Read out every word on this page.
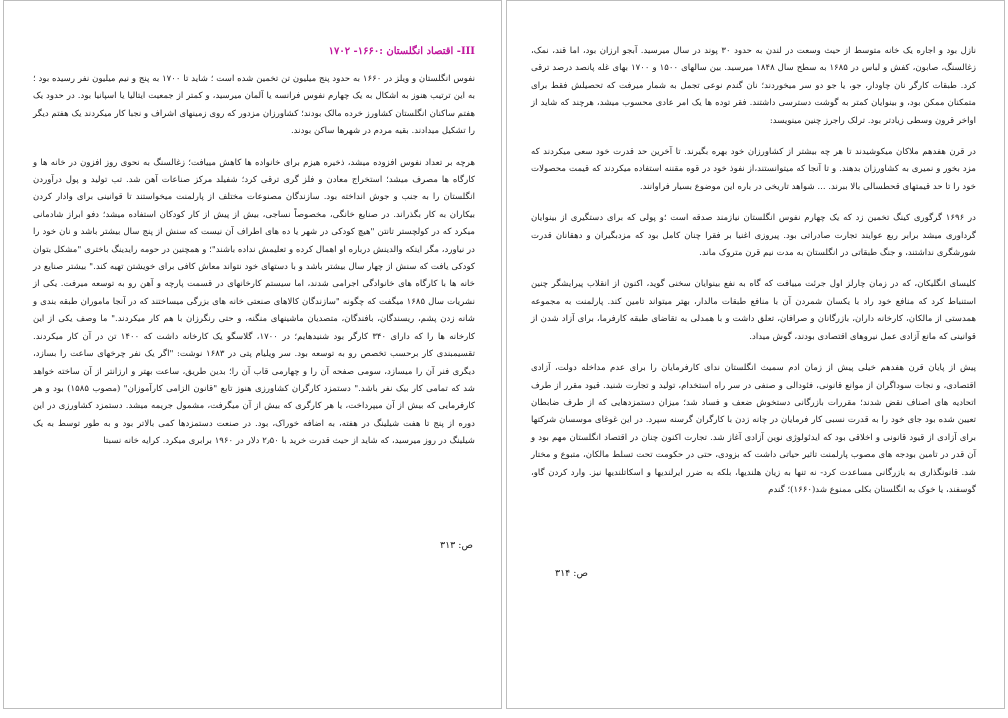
III- اقتصاد انگلستان :۱۶۶۰- ۱۷۰۲

نفوس انگلستان و ویلز در ۱۶۶۰ به حدود پنج میلیون تن تخمین شده است ؛ شاید تا ۱۷۰۰ به پنج و نیم میلیون نفر رسیده بود ؛ به این ترتیب هنوز به اشکال به یک چهارم نفوس فرانسه یا آلمان میرسید، و کمتر از جمعیت ایتالیا یا اسپانیا بود. در حدود یک هفتم ساکنان انگلستان کشاورز خرده مالک بودند؛ کشاورزان مزدور که روی زمینهای اشراف و نجبا کار میکردند یک هفتم دیگر را تشکیل میدادند. بقیه مردم در شهرها ساکن بودند.

هرچه بر تعداد نفوس افزوده میشد، ذخیره هیزم برای خانواده ها کاهش مییافت؛ زغالسنگ به نحوی روز افزون در خانه ها و کارگاه ها مصرف میشد؛ استخراج معادن و فلز گری ترقی کرد؛ شفیلد مرکز صناعات آهن شد. تب تولید و پول درآوردن انگلستان را به جنب و جوش انداخته بود. سازندگان مصنوعات مختلف از پارلمنت میخواستند تا قوانینی برای وادار کردن بیکاران به کار بگذراند. در صنایع خانگی، مخصوصاً نساجی، بیش از پیش از کار کودکان استفاده میشد؛ دفو ابراز شادمانی میکرد که در کولچستر تانتن "هیچ کودکی در شهر یا ده های اطراف آن نیست که سنش از پنج سال بیشتر باشد و نان خود را در نیاورد، مگر اینکه والدینش درباره او اهمال کرده و تعلیمش نداده باشند"؛ و همچنین در حومه رایدینگ باختری "مشکل بتوان کودکی یافت که سنش از چهار سال بیشتر باشد و با دستهای خود نتواند معاش کافی برای خویشتن تهیه کند." بیشتر صنایع در خانه ها با کارگاه های خانوادگی اجرامی شدند، اما سیستم کارخانهای در قسمت پارچه و آهن رو به توسعه میرفت. یکی از نشریات سال ۱۶۸۵ میگفت که چگونه "سازندگان کالاهای صنعتی خانه های بزرگی میساختند که در آنجا ماموران طبقه بندی و شانه زدن پشم، ریسندگان، بافندگان، متصدیان ماشینهای منگنه، و حتی رنگرزان با هم کار میکردند." ما وصف یکی از این کارخانه ها را که دارای ۳۴۰ کارگر بود شنیدهایم؛ در ۱۷۰۰، گلاسگو یک کارخانه داشت که ۱۴۰۰ تن در آن کار میکردند. تقسیمبندی کار برحسب تخصص رو به توسعه بود. سر ویلیام پتی در ۱۶۸۳ نوشت: "اگر یک نفر چرخهای ساعت را بسازد، دیگری فنر آن را میسازد، سومی صفحه آن را و چهارمی قاب آن را؛ بدین طریق، ساعت بهتر و ارزانتر از آن ساخته خواهد شد که تمامی کار بیک نفر باشد." دستمزد کارگران کشاورزی هنوز تابع "قانون الزامی کارآموزان" (مصوب ۱۵۸۵) بود و هر کارفرمایی که بیش از آن میپرداخت، یا هر کارگری که بیش از آن میگرفت، مشمول جریمه میشد. دستمزد کشاورزی در این دوره از پنج تا هفت شیلینگ در هفته، به اضافه خوراک، بود. در صنعت دستمزدها کمی بالاتر بود و به طور توسط به یک شیلینگ در روز میرسید، که شاید از حیث قدرت خرید با ۲٫۵۰ دلار در ۱۹۶۰ برابری میکرد. کرایه خانه نسبتا

ص: ۳۱۳

نازل بود و اجاره یک خانه متوسط از حیث وسعت در لندن به حدود ۳۰ پوند در سال میرسید. آبجو ارزان بود، اما قند، نمک، زغالسنگ، صابون، کفش و لباس در ۱۶۸۵ به سطح سال ۱۸۴۸ میرسید. بین سالهای ۱۵۰۰ و ۱۷۰۰ بهای غله پانصد درصد ترقی کرد. طبقات کارگر نان چاودار، جو، یا جو دو سر میخوردند؛ نان گندم نوعی تجمل به شمار میرفت که تحصیلش فقط برای متمکنان ممکن بود، و بینوایان کمتر به گوشت دسترسی داشتند. فقر توده ها یک امر عادی محسوب میشد، هرچند که شاید از اواخر قرون وسطی زیادتر بود. ترلک راجرز چنین مینویسد:

در قرن هفدهم ملاکان میکوشیدند تا هر چه بیشتر از کشاورزان خود بهره بگیرند. تا آخرین حد قدرت خود سعی میکردند که مزد بخور و نمیری به کشاورزان بدهند. و تا آنجا که میتوانستند،از نفوذ خود در قوه مقننه استفاده میکردند که قیمت محصولات خود را تا حد قیمتهای قحطسالی بالا ببرند. ... شواهد تاریخی در باره این موضوع بسیار فراوانند.

در ۱۶۹۶ گرگوری کینگ تخمین زد که یک چهارم نفوس انگلستان نیازمند صدقه است ؛و پولی که برای دستگیری از بینوایان گرداوری میشد برابر ربع عوایند تجارت صادراتی بود. پیروزی اغنیا بر فقرا چنان کامل بود که مزدبگیران و دهقانان قدرت شورشگری نداشتند، و جنگ طبقاتی در انگلستان به مدت نیم قرن متروک ماند.

کلیسای انگلیکان، که در زمان چارلز اول جرئت مییافت که گاه به نفع بینوایان سخنی گوید، اکنون از انقلاب پیرایشگر چنین استنباط کرد که منافع خود راد با یکسان شمردن آن با منافع طبقات مالدار، بهتر میتواند تامین کند. پارلمنت به مجموعه همدستی از مالکان، کارخانه داران، بازرگانان و صرافان، تعلق داشت و با همدلی به تقاضای طبقه کارفرما، برای آزاد شدن از قوانینی که مانع آزادی عمل نیروهای اقتصادی بودند، گوش میداد.

پیش از پایان قرن هفدهم خیلی پیش از زمان ادم سمیث انگلستان ندای کارفرمایان را برای عدم مداخله دولت، آزادی اقتصادی، و نجات سوداگران از موانع قانونی، فئودالی و صنفی در سر راه استخدام، تولید و تجارت شنید. قیود مقرر از طرف اتحادیه های اصناف نقض شدند؛ مقررات بازرگانی دستخوش ضعف و فساد شد؛ میزان دستمزدهایی که از طرف ضابطان تعیین شده بود جای خود را به قدرت نسبی کار فرمایان در چانه زدن با کارگران گرسنه سپرد. در این غوغای موسسان شرکتها برای آزادی از قیود قانونی و اخلاقی بود که ایدئولوژی نوین آزادی آغاز شد. تجارت اکنون چنان در اقتصاد انگلستان مهم بود و آن قدر در تامین بودجه های مصوب پارلمنت تاثیر حیاتی داشت که بزودی، حتی در حکومت تحت تسلط مالکان، متبوع و مختار شد. قانونگذاری به بازرگانی مساعدت کرد- نه تنها به زیان هلندیها، بلکه به ضرر ایرلندیها و اسکاتلندیها نیز. وارد کردن گاو، گوسفند، یا خوک به انگلستان بکلی ممنوع شد(۱۶۶۰)؛ گندم

ص: ۳۱۴
